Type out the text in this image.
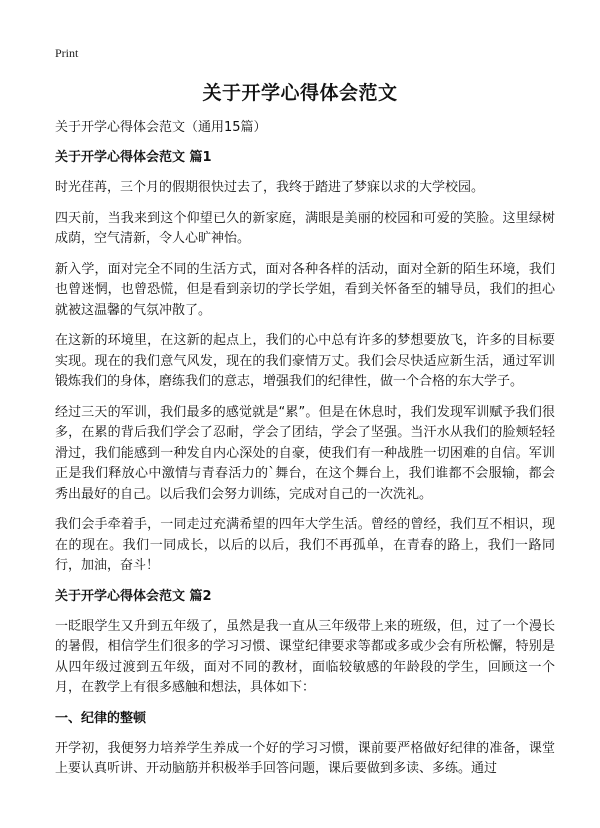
Print
关于开学心得体会范文
关于开学心得体会范文（通用15篇）
关于开学心得体会范文 篇1

时光荏苒，三个月的假期很快过去了，我终于踏进了梦寐以求的大学校园。

四天前，当我来到这个仰望已久的新家庭，满眼是美丽的校园和可爱的笑脸。这里绿树成荫，空气清新，令人心旷神怡。

新入学，面对完全不同的生活方式，面对各种各样的活动，面对全新的陌生环境，我们也曾迷惘，也曾恐慌，但是看到亲切的学长学姐，看到关怀备至的辅导员，我们的担心就被这温馨的气氛冲散了。

在这新的环境里，在这新的起点上，我们的心中总有许多的梦想要放飞，许多的目标要实现。现在的我们意气风发，现在的我们豪情万丈。我们会尽快适应新生活，通过军训锻炼我们的身体，磨练我们的意志，增强我们的纪律性，做一个合格的东大学子。

经过三天的军训，我们最多的感觉就是“累”。但是在休息时，我们发现军训赋予我们很多，在累的背后我们学会了忍耐，学会了团结，学会了坚强。当汗水从我们的脸颊轻轻滑过，我们能感到一种发自内心深处的自豪，使我们有一种战胜一切困难的自信。军训正是我们释放心中激情与青春活力的`舞台，在这个舞台上，我们谁都不会服输，都会秀出最好的自己。以后我们会努力训练，完成对自己的一次洗礼。

我们会手牵着手，一同走过充满希望的四年大学生活。曾经的曾经，我们互不相识，现在的现在。我们一同成长，以后的以后，我们不再孤单，在青春的路上，我们一路同行，加油，奋斗！

关于开学心得体会范文 篇2

一眨眼学生又升到五年级了，虽然是我一直从三年级带上来的班级，但，过了一个漫长的暑假，相信学生们很多的学习习惯、课堂纪律要求等都或多或少会有所松懈，特别是从四年级过渡到五年级，面对不同的教材，面临较敏感的年龄段的学生，回顾这一个月，在教学上有很多感触和想法，具体如下：

一、纪律的整顿

开学初，我便努力培养学生养成一个好的学习习惯，课前要严格做好纪律的准备，课堂上要认真听讲、开动脑筋并积极举手回答问题，课后要做到多读、多练。通过
